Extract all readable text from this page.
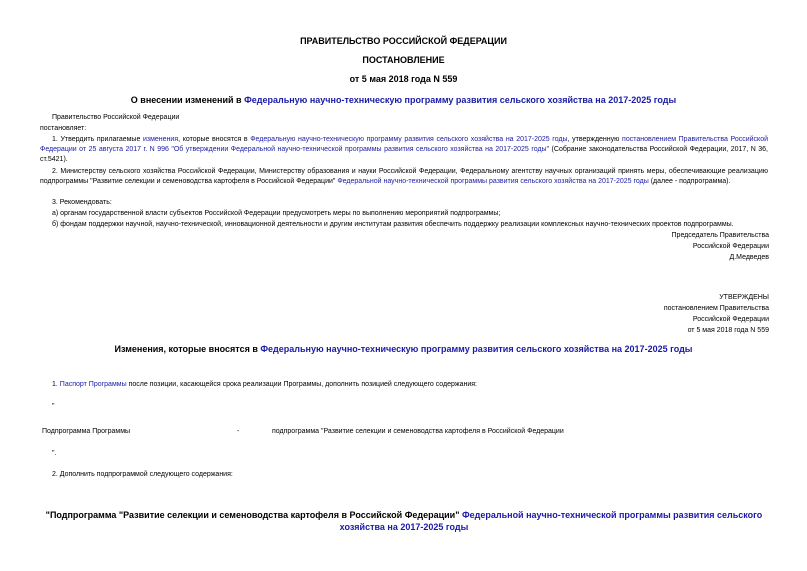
ПРАВИТЕЛЬСТВО РОССИЙСКОЙ ФЕДЕРАЦИИ
ПОСТАНОВЛЕНИЕ
от 5 мая 2018 года N 559
О внесении изменений в Федеральную научно-техническую программу развития сельского хозяйства на 2017-2025 годы
Правительство Российской Федерации
постановляет:
1. Утвердить прилагаемые изменения, которые вносятся в Федеральную научно-техническую программу развития сельского хозяйства на 2017-2025 годы, утвержденную постановлением Правительства Российской Федерации от 25 августа 2017 г. N 996 "Об утверждении Федеральной научно-технической программы развития сельского хозяйства на 2017-2025 годы" (Собрание законодательства Российской Федерации, 2017, N 36, ст.5421).
2. Министерству сельского хозяйства Российской Федерации, Министерству образования и науки Российской Федерации, Федеральному агентству научных организаций принять меры, обеспечивающие реализацию подпрограммы "Развитие селекции и семеноводства картофеля в Российской Федерации" Федеральной научно-технической программы развития сельского хозяйства на 2017-2025 годы (далее - подпрограмма).
3. Рекомендовать:
а) органам государственной власти субъектов Российской Федерации предусмотреть меры по выполнению мероприятий подпрограммы;
б) фондам поддержки научной, научно-технической, инновационной деятельности и другим институтам развития обеспечить поддержку реализации комплексных научно-технических проектов подпрограммы.
Председатель Правительства
Российской Федерации
Д.Медведев
УТВЕРЖДЕНЫ
постановлением Правительства
Российской Федерации
от 5 мая 2018 года N 559
Изменения, которые вносятся в Федеральную научно-техническую программу развития сельского хозяйства на 2017-2025 годы
1. Паспорт Программы после позиции, касающейся срока реализации Программы, дополнить позицией следующего содержания:
"
Подпрограмма Программы	-	подпрограмма "Развитие селекции и семеноводства картофеля в Российской Федерации
".
2. Дополнить подпрограммой следующего содержания:
"Подпрограмма "Развитие селекции и семеноводства картофеля в Российской Федерации" Федеральной научно-технической программы развития сельского хозяйства на 2017-2025 годы
